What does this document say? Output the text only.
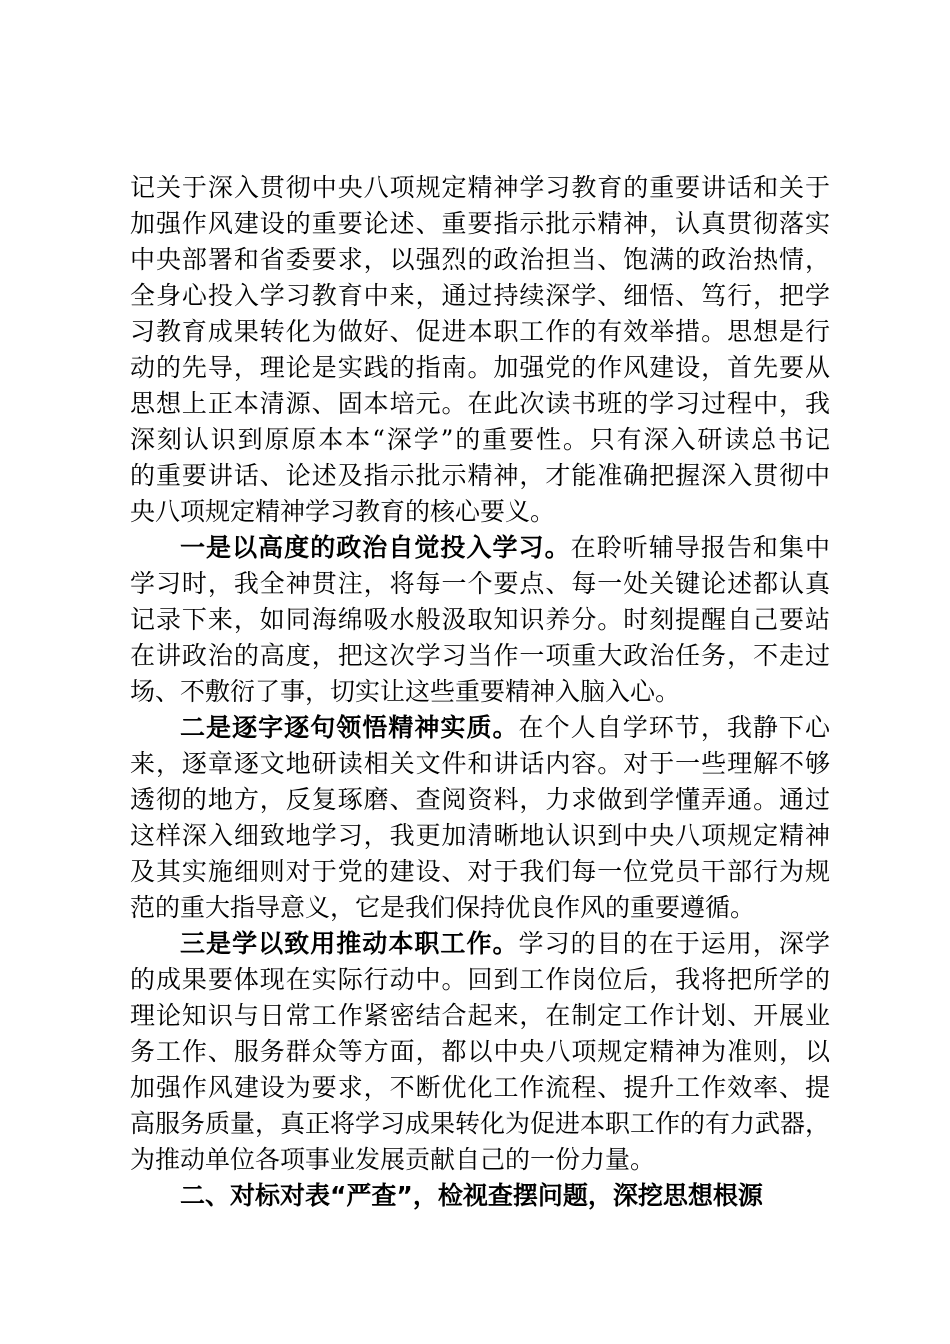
记关于深入贯彻中央八项规定精神学习教育的重要讲话和关于
加强作风建设的重要论述、重要指示批示精神，认真贯彻落实
中央部署和省委要求，以强烈的政治担当、饱满的政治热情，
全身心投入学习教育中来，通过持续深学、细悟、笃行，把学
习教育成果转化为做好、促进本职工作的有效举措。思想是行
动的先导，理论是实践的指南。加强党的作风建设，首先要从
思想上正本清源、固本培元。在此次读书班的学习过程中，我
深刻认识到原原本本“深学”的重要性。只有深入研读总书记
的重要讲话、论述及指示批示精神，才能准确把握深入贯彻中
央八项规定精神学习教育的核心要义。
一是以高度的政治自觉投入学习。在聆听辅导报告和集中
学习时，我全神贯注，将每一个要点、每一处关键论述都认真
记录下来，如同海绵吸水般汲取知识养分。时刻提醒自己要站
在讲政治的高度，把这次学习当作一项重大政治任务，不走过
场、不敷衍了事，切实让这些重要精神入脑入心。
二是逐字逐句领悟精神实质。在个人自学环节，我静下心
来，逐章逐文地研读相关文件和讲话内容。对于一些理解不够
透彻的地方，反复琢磨、查阅资料，力求做到学懂弄通。通过
这样深入细致地学习，我更加清晰地认识到中央八项规定精神
及其实施细则对于党的建设、对于我们每一位党员干部行为规
范的重大指导意义，它是我们保持优良作风的重要遵循。
三是学以致用推动本职工作。学习的目的在于运用，深学
的成果要体现在实际行动中。回到工作岗位后，我将把所学的
理论知识与日常工作紧密结合起来，在制定工作计划、开展业
务工作、服务群众等方面，都以中央八项规定精神为准则，以
加强作风建设为要求，不断优化工作流程、提升工作效率、提
高服务质量，真正将学习成果转化为促进本职工作的有力武器，
为推动单位各项事业发展贡献自己的一份力量。
二、对标对表“严查”，检视查摆问题，深挖思想根源
